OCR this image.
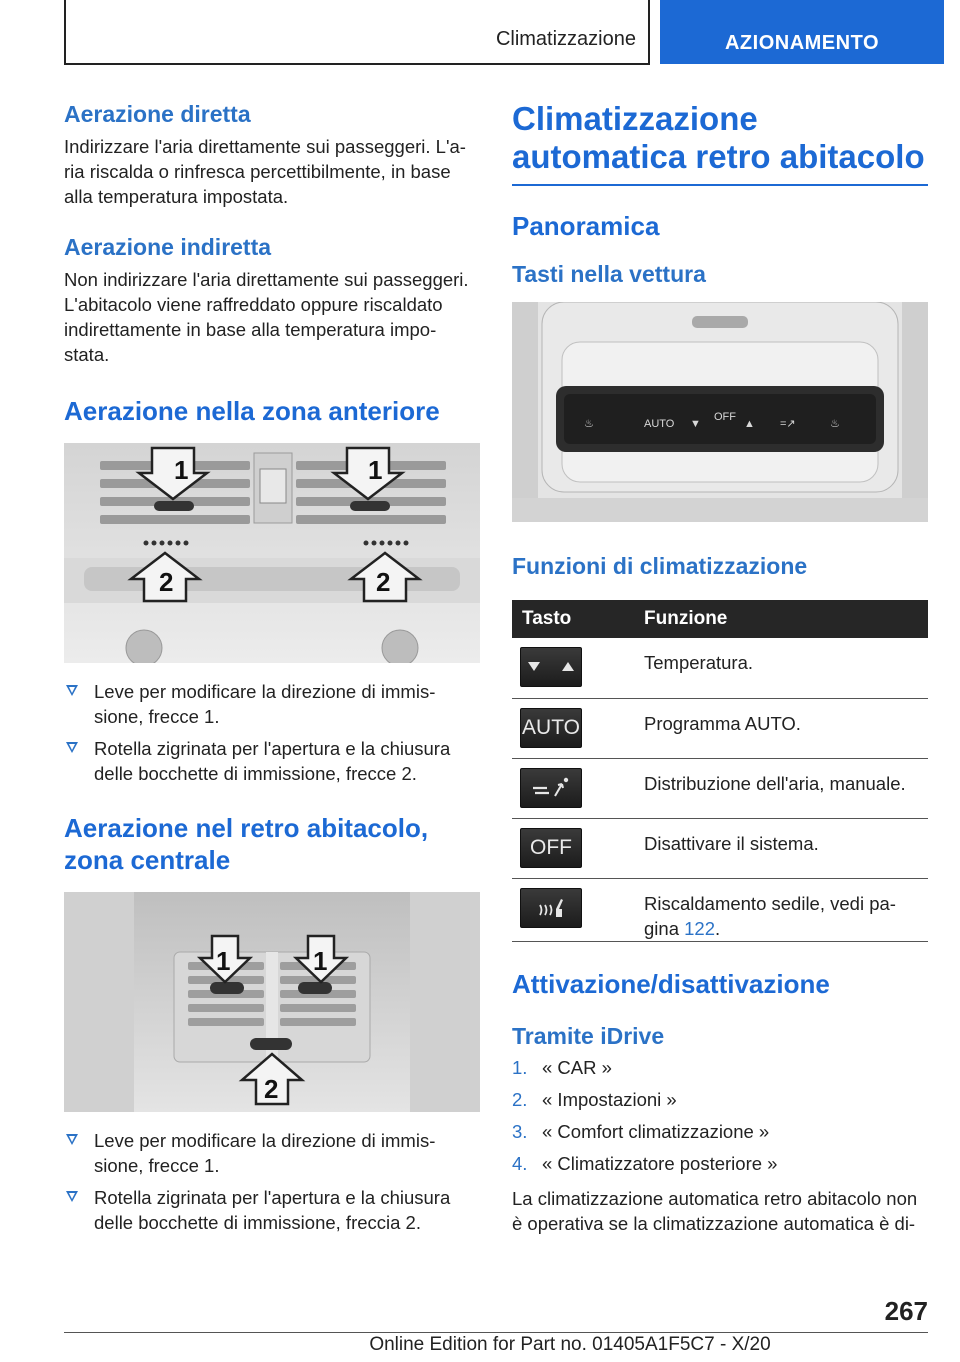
Climatizzazione	AZIONAMENTO
Aerazione diretta

Indirizzare l'aria direttamente sui passeggeri. L'a-ria riscalda o rinfresca percettibilmente, in base alla temperatura impostata.

Aerazione indiretta

Non indirizzare l'aria direttamente sui passeggeri. L'abitacolo viene raffreddato oppure riscaldato indirettamente in base alla temperatura impo-stata.

Aerazione nella zona anteriore
1	1
2	2
Leve per modificare la direzione di immis-sione, frecce 1.
Rotella zigrinata per l'apertura e la chiusura delle bocchette di immissione, frecce 2.
Aerazione nel retro abitacolo, zona centrale
1	1
2
Leve per modificare la direzione di immis-sione, frecce 1.
Rotella zigrinata per l'apertura e la chiusura delle bocchette di immissione, freccia 2.
Climatizzazione automatica retro abitacolo
Panoramica
Tasti nella vettura
♨	AUTO ▼
OFF
▲ =↗	♨
Funzioni di climatizzazione
Tasto	Funzione

	Temperatura.

AUTO	Programma AUTO.

	Distribuzione dell'aria, manuale.

OFF	Disattivare il sistema.

	Riscaldamento sedile, vedi pa-gina 122.
Attivazione/disattivazione
Tramite iDrive
1. « CAR »
2. « Impostazioni »
3. « Comfort climatizzazione »
4. « Climatizzatore posteriore »

La climatizzazione automatica retro abitacolo non è operativa se la climatizzazione automatica è di-

267
Online Edition for Part no. 01405A1F5C7 - X/20
